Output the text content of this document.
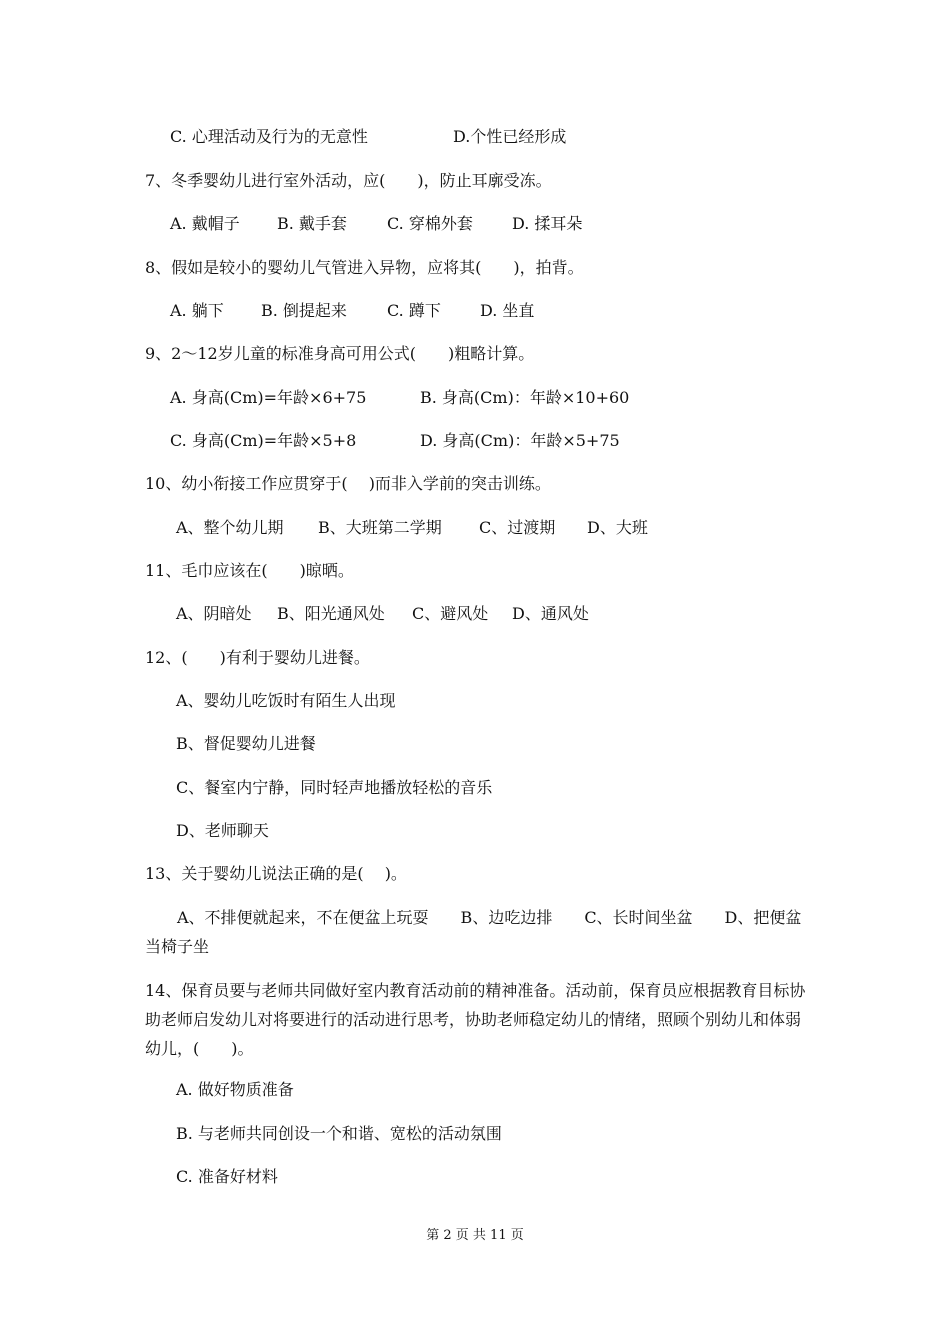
C. 心理活动及行为的无意性	D.个性已经形成
7、冬季婴幼儿进行室外活动，应(　　)，防止耳廓受冻。
A. 戴帽子 B. 戴手套	C. 穿棉外套 D. 揉耳朵
8、假如是较小的婴幼儿气管进入异物，应将其(　　)，拍背。
A. 躺下 B. 倒提起来	C. 蹲下 D. 坐直
9、2～12岁儿童的标准身高可用公式(　　)粗略计算。
A. 身高(Cm)=年龄×6+75	B. 身高(Cm)：年龄×10+60
C. 身高(Cm)=年龄×5+8	D. 身高(Cm)：年龄×5+75
10、幼小衔接工作应贯穿于(　 )而非入学前的突击训练。
A、整个幼儿期 B、大班第二学期 C、过渡期 D、大班
11、毛巾应该在(　　)晾晒。
A、阴暗处 B、阳光通风处 C、避风处 D、通风处
12、(　　)有利于婴幼儿进餐。
A、婴幼儿吃饭时有陌生人出现
B、督促婴幼儿进餐
C、餐室内宁静，同时轻声地播放轻松的音乐
D、老师聊天
13、关于婴幼儿说法正确的是(　 )。
　　A、不排便就起来，不在便盆上玩耍　　B、边吃边排　　C、长时间坐盆　　D、把便盆当椅子坐
14、保育员要与老师共同做好室内教育活动前的精神准备。活动前，保育员应根据教育目标协助老师启发幼儿对将要进行的活动进行思考，协助老师稳定幼儿的情绪，照顾个别幼儿和体弱幼儿，(　　)。
A. 做好物质准备
B. 与老师共同创设一个和谐、宽松的活动氛围
C. 准备好材料
第 2 页 共 11 页
